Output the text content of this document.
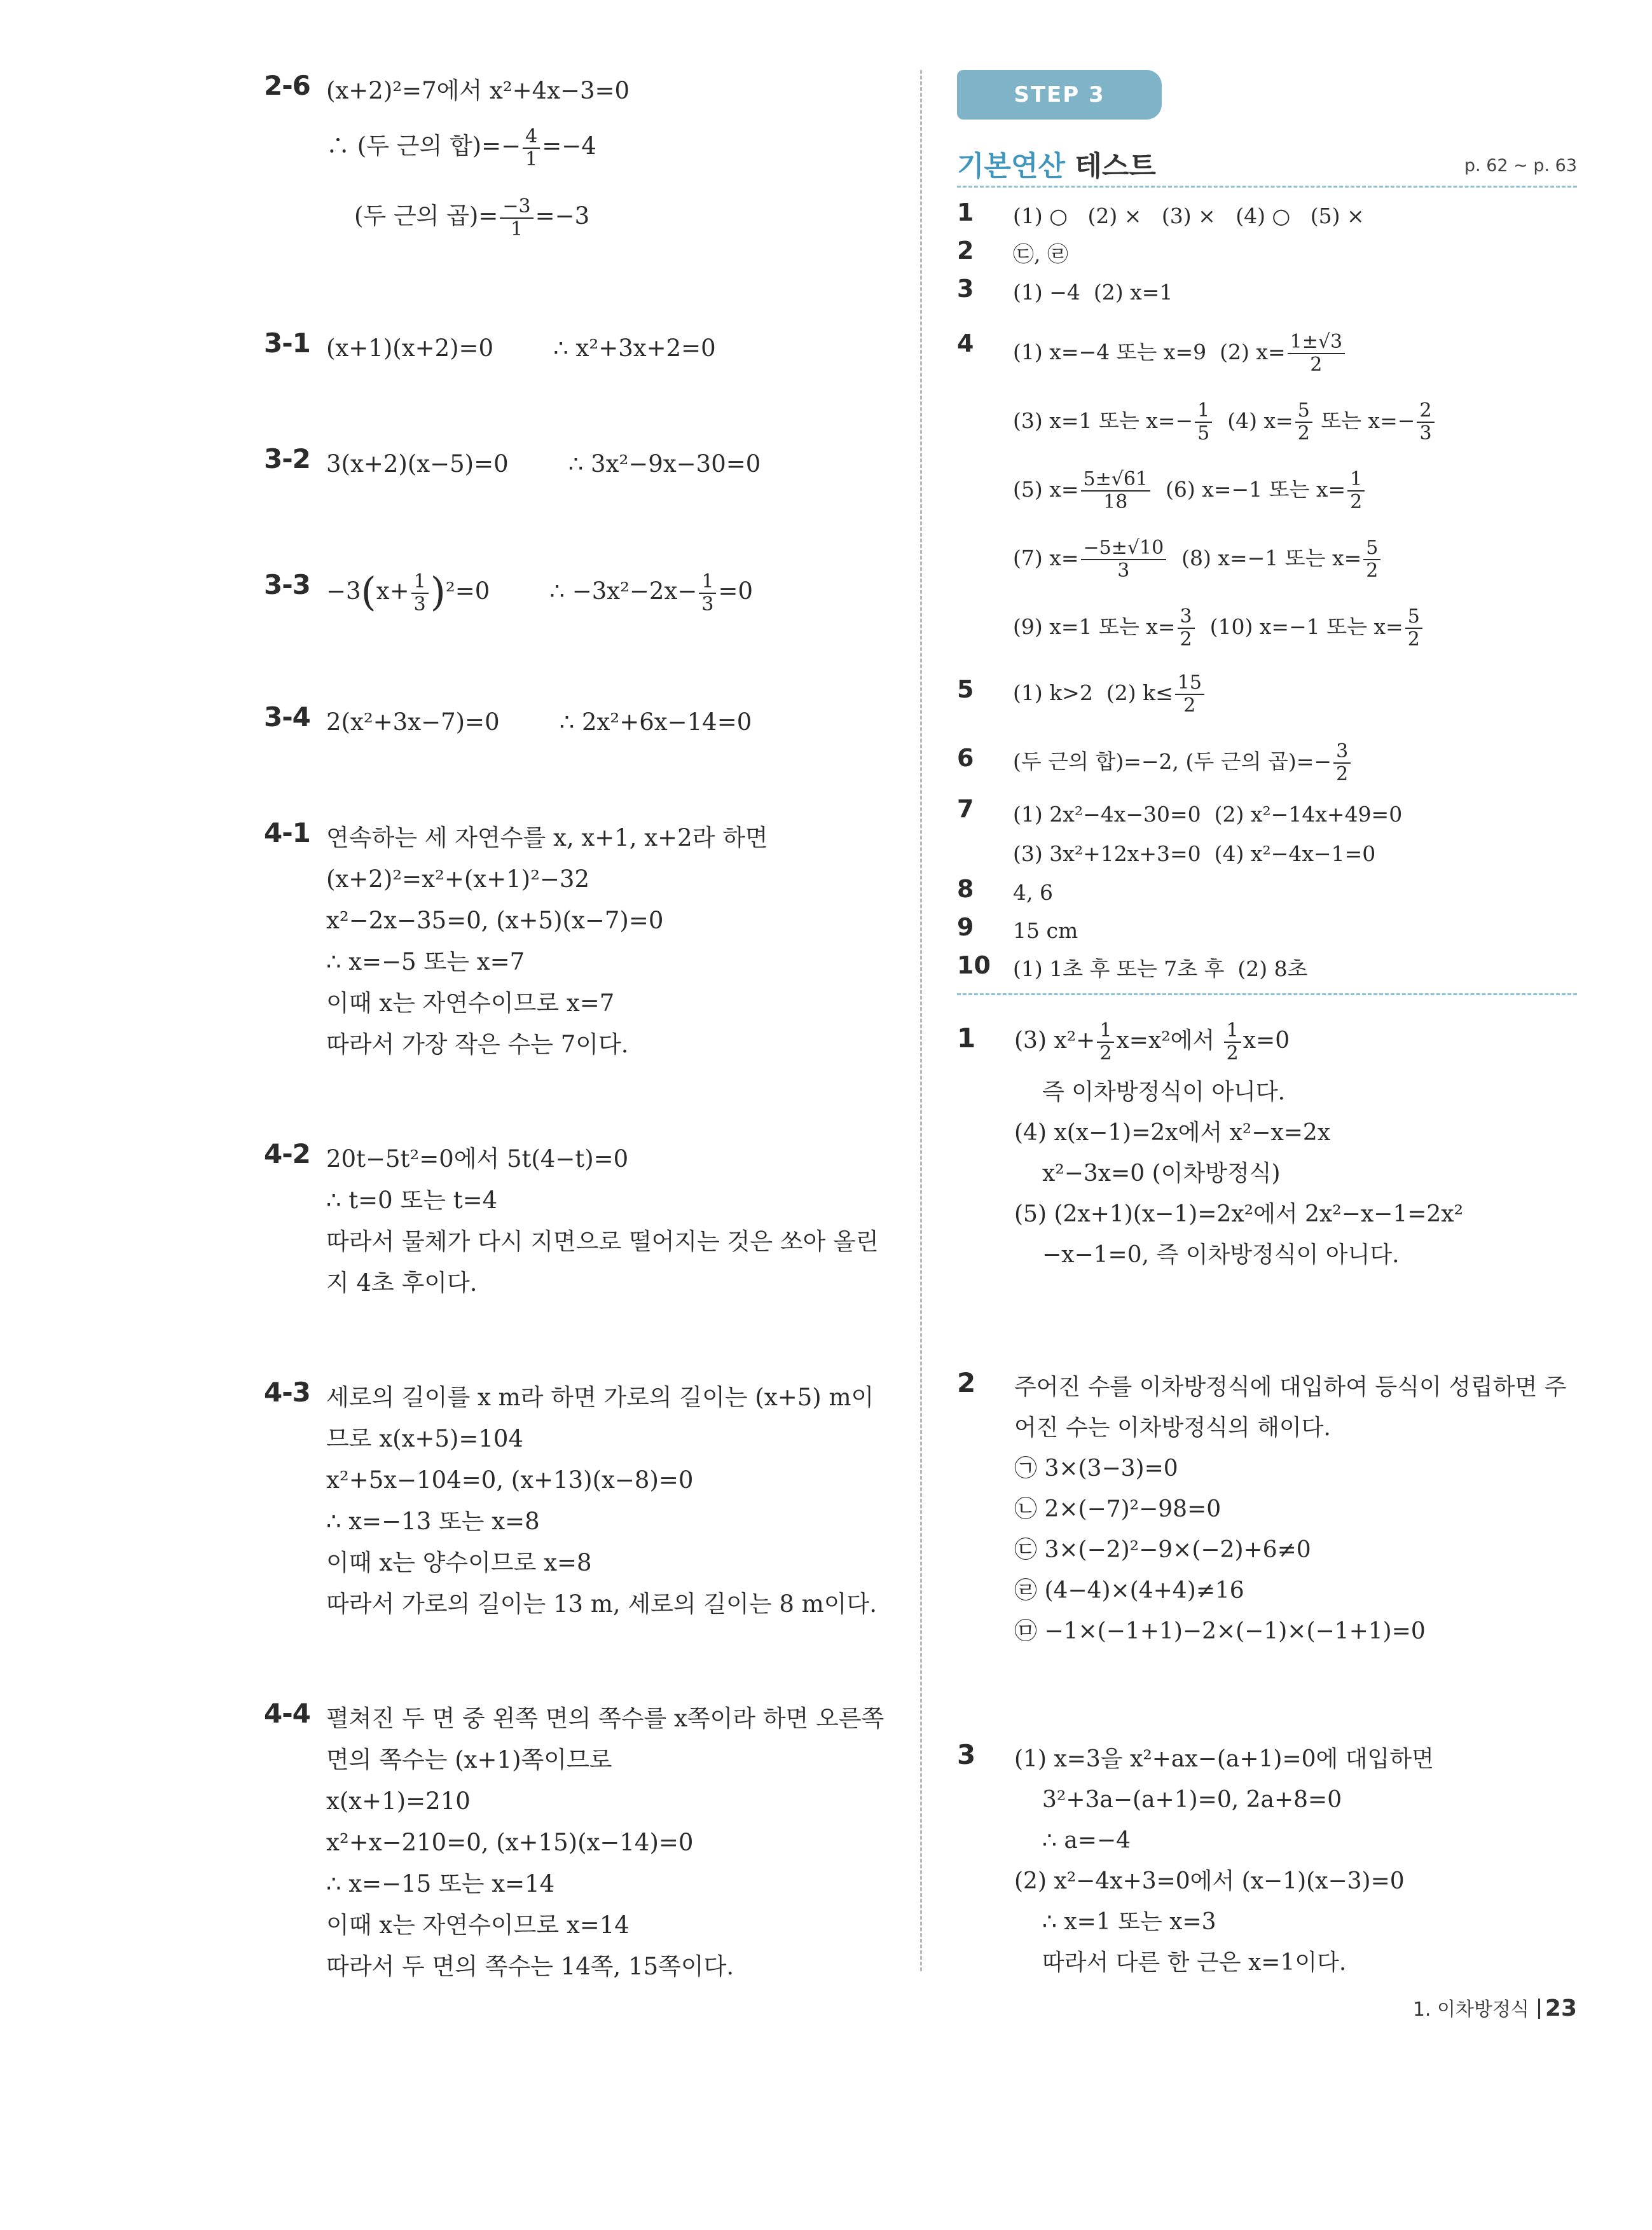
2-6 (x+2)²=7에서 x²+4x−3=0
∴ (두 근의 합)=− $\frac{4}{1} =-4$
(두 근의 곱)= $\frac{-3}{1} =-3$
3-1 (x+1)(x+2)=0        ∴ x²+3x+2=0
3-2 3(x+2)(x−5)=0        ∴ 3x²−9x−30=0
$3-3 -3(x+ \frac{1}{3} )^2=0$        ∴ $-3x^2-2x- \frac{1}{3} =0$
3-4 2(x²+3x−7)=0        ∴ 2x²+6x−14=0
4-1 연속하는 세 자연수를 x, x+1, x+2라 하면
(x+2)²=x²+(x+1)²−32
x²−2x−35=0, (x+5)(x−7)=0
∴ x=−5 또는 x=7
이때 x는 자연수이므로 x=7
따라서 가장 작은 수는 7이다.
4-2 20t−5t²=0에서 5t(4−t)=0
∴ t=0 또는 t=4
따라서 물체가 다시 지면으로 떨어지는 것은 쏘아 올린
지 4초 후이다.
4-3 세로의 길이를 x m라 하면 가로의 길이는 (x+5) m이
므로 x(x+5)=104
x²+5x−104=0, (x+13)(x−8)=0
∴ x=−13 또는 x=8
이때 x는 양수이므로 x=8
따라서 가로의 길이는 13 m, 세로의 길이는 8 m이다.
4-4 펼쳐진 두 면 중 왼쪽 면의 쪽수를 x쪽이라 하면 오른쪽
면의 쪽수는 (x+1)쪽이므로
x(x+1)=210
x²+x−210=0, (x+15)(x−14)=0
∴ x=−15 또는 x=14
이때 x는 자연수이므로 x=14
따라서 두 면의 쪽수는 14쪽, 15쪽이다.
STEP 3
기본연산 테스트	p. 62 ~ p. 63
1 (1) ○   (2) ×   (3) ×   (4) ○   (5) ×
2 ㉢, ㉣
3 (1) −4  (2) x=1
4 (1) x=−4 또는 x=9  (2) $x= \frac{1\pm√3}{2}$
(3) x=1 또는 $x=- \frac{1}{5} (4)$ $x= \frac{5}{2}$ 또는 $x=- \frac{2}{3}$
(5) $x= \frac{5\pm√61}{18} (6)$ x=−1 또는 $x= \frac{1}{2}$
(7) $x= \frac{-5\pm√10}{3} (8)$ x=−1 또는 $x= \frac{5}{2}$
(9) x=1 또는 $x= \frac{3}{2} (10)$ x=−1 또는 $x= \frac{5}{2}$
5 (1) k>2  (2) $k\le \frac{15}{2}$
6 (두 근의 합)=−2, (두 근의 곱)=− $\frac{3}{2}$
7 (1) 2x²−4x−30=0  (2) x²−14x+49=0
(3) 3x²+12x+3=0  (4) x²−4x−1=0
8 4, 6
9 15 cm
10 (1) 1초 후 또는 7초 후  (2) 8초
1 (3) $x^2+ \frac{1}{2} x=x^2$에서 $\frac{1}{2} x=0$
즉 이차방정식이 아니다.
(4) x(x−1)=2x에서 x²−x=2x
x²−3x=0 (이차방정식)
(5) (2x+1)(x−1)=2x²에서 2x²−x−1=2x²
−x−1=0, 즉 이차방정식이 아니다.
2 주어진 수를 이차방정식에 대입하여 등식이 성립하면 주
어진 수는 이차방정식의 해이다.
㉠ 3×(3−3)=0
㉡ 2×(−7)²−98=0
㉢ 3×(−2)²−9×(−2)+6≠0
㉣ (4−4)×(4+4)≠16
㉤ −1×(−1+1)−2×(−1)×(−1+1)=0
3 (1) x=3을 x²+ax−(a+1)=0에 대입하면
3²+3a−(a+1)=0, 2a+8=0
∴ a=−4
(2) x²−4x+3=0에서 (x−1)(x−3)=0
∴ x=1 또는 x=3
따라서 다른 한 근은 x=1이다.
1. 이차방정식 23
